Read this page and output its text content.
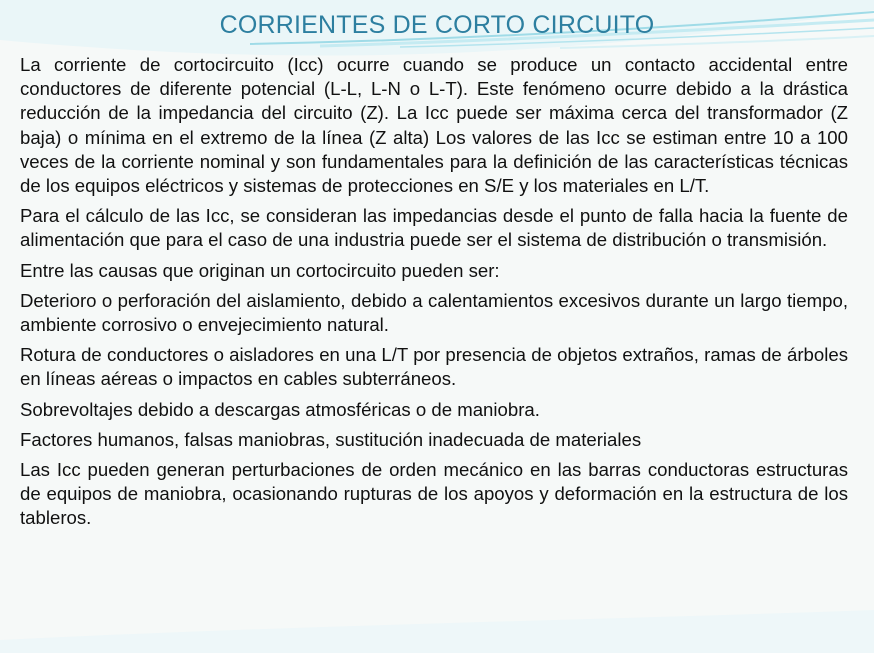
CORRIENTES DE CORTO CIRCUITO

La corriente de cortocircuito (Icc) ocurre cuando se produce un contacto accidental entre conductores de diferente potencial (L-L, L-N o L-T). Este fenómeno ocurre debido a la drástica reducción de la impedancia del circuito (Z). La Icc puede ser máxima cerca del transformador (Z baja) o mínima en el extremo de la línea (Z alta) Los valores de las Icc se estiman entre 10 a 100 veces de la corriente nominal y son fundamentales para la definición de las características técnicas de los equipos eléctricos y sistemas de protecciones en S/E y los materiales en L/T.

Para el cálculo de las Icc, se consideran las impedancias desde el punto de falla hacia la fuente de alimentación que para el caso de una industria puede ser el sistema de distribución o transmisión.

Entre las causas que originan un cortocircuito pueden ser:

Deterioro o perforación del aislamiento, debido a calentamientos excesivos durante un largo tiempo, ambiente corrosivo o envejecimiento natural.

Rotura de conductores o aisladores en una L/T por presencia de objetos extraños, ramas de árboles en líneas aéreas o impactos en cables subterráneos.

Sobrevoltajes debido a descargas atmosféricas o de maniobra.

Factores humanos, falsas maniobras, sustitución inadecuada de materiales

Las Icc pueden generan perturbaciones de orden mecánico en las barras conductoras estructuras de equipos de maniobra, ocasionando rupturas de los apoyos y deformación en la estructura de los tableros.
